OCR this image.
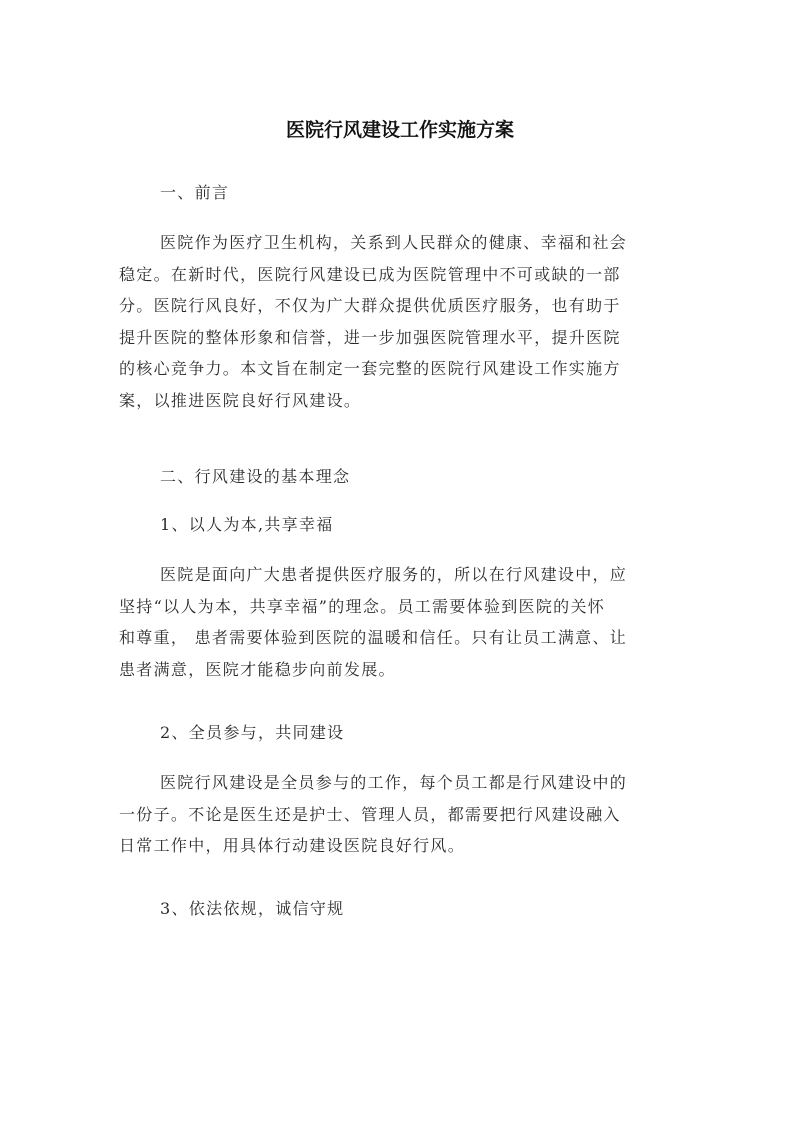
医院行风建设工作实施方案

一、前言

医院作为医疗卫生机构，关系到人民群众的健康、幸福和社会
稳定。在新时代，医院行风建设已成为医院管理中不可或缺的一部
分。医院行风良好，不仅为广大群众提供优质医疗服务，也有助于
提升医院的整体形象和信誉，进一步加强医院管理水平，提升医院
的核心竞争力。本文旨在制定一套完整的医院行风建设工作实施方
案，以推进医院良好行风建设。

二、行风建设的基本理念

1、以人为本,共享幸福

医院是面向广大患者提供医疗服务的，所以在行风建设中，应
坚持“以人为本，共享幸福”的理念。员工需要体验到医院的关怀
和尊重， 患者需要体验到医院的温暖和信任。只有让员工满意、让
患者满意，医院才能稳步向前发展。

2、全员参与，共同建设

医院行风建设是全员参与的工作，每个员工都是行风建设中的
一份子。不论是医生还是护士、管理人员，都需要把行风建设融入
日常工作中，用具体行动建设医院良好行风。

3、依法依规，诚信守规
